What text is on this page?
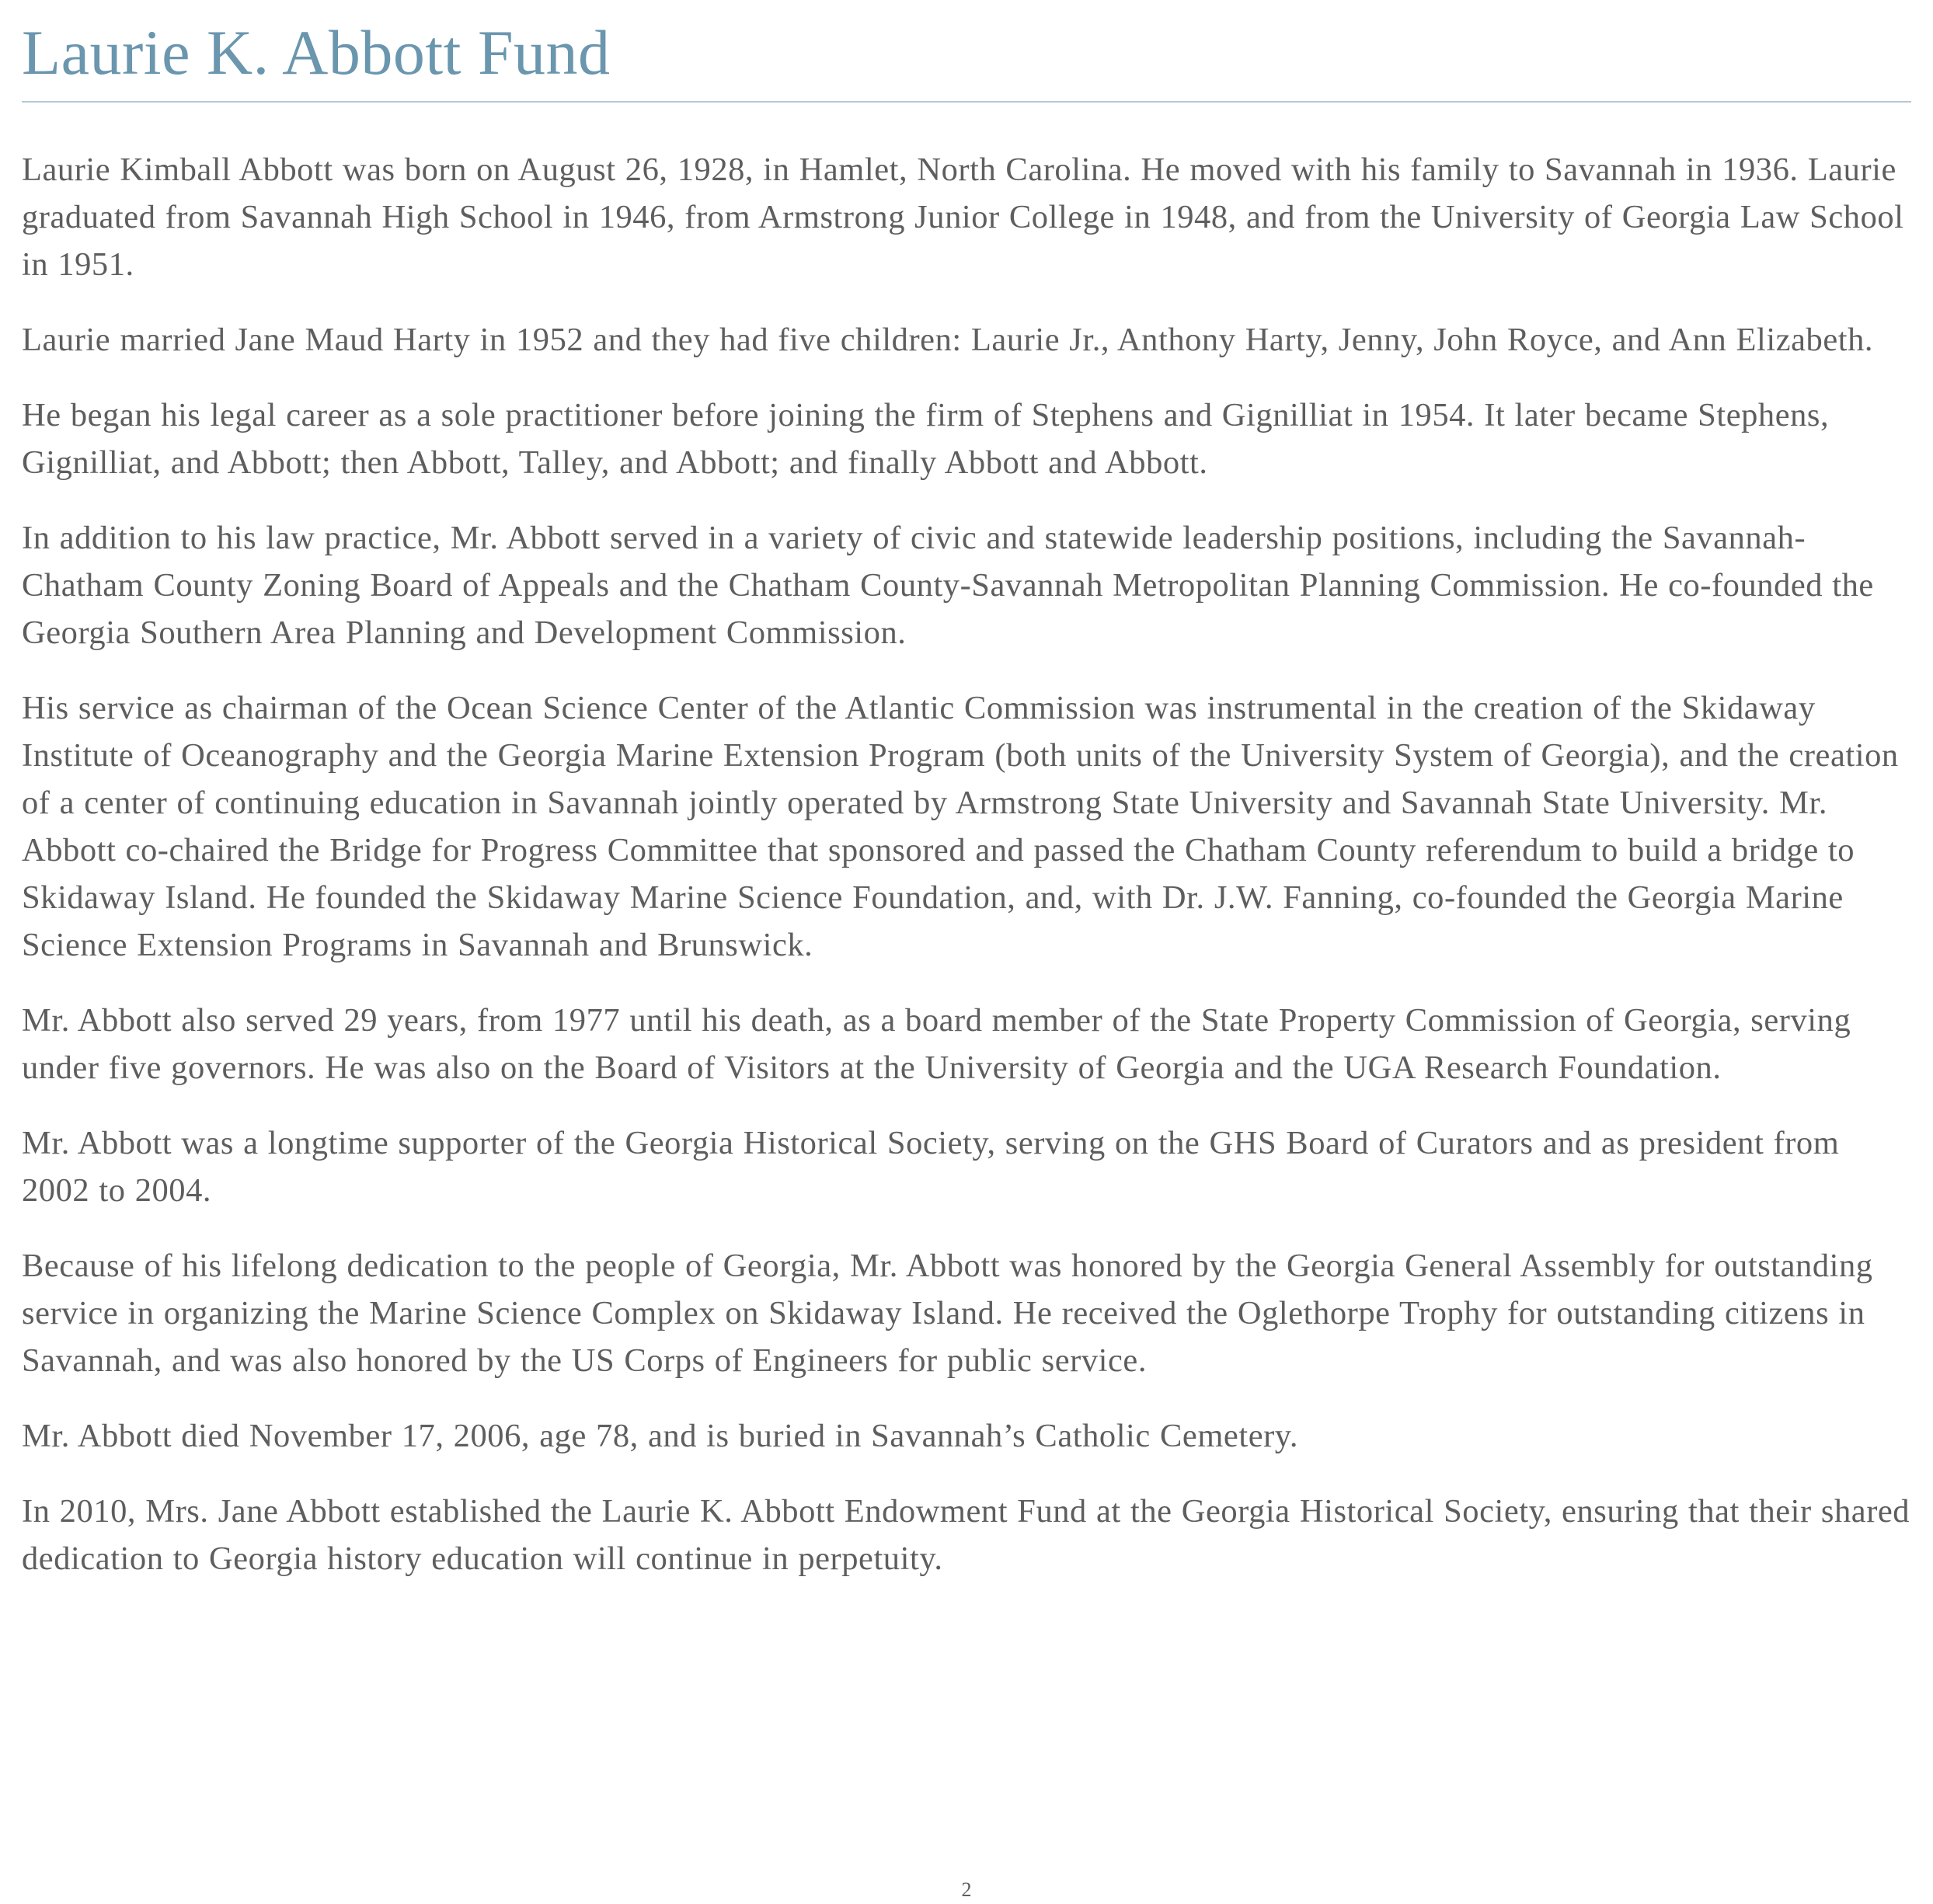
Laurie K. Abbott Fund

Laurie Kimball Abbott was born on August 26, 1928, in Hamlet, North Carolina. He moved with his family to Savannah in 1936. Laurie graduated from Savannah High School in 1946, from Armstrong Junior College in 1948, and from the University of Georgia Law School in 1951.

Laurie married Jane Maud Harty in 1952 and they had five children: Laurie Jr., Anthony Harty, Jenny, John Royce, and Ann Elizabeth.

He began his legal career as a sole practitioner before joining the firm of Stephens and Gignilliat in 1954. It later became Stephens, Gignilliat, and Abbott; then Abbott, Talley, and Abbott; and finally Abbott and Abbott.

In addition to his law practice, Mr. Abbott served in a variety of civic and statewide leadership positions, including the Savannah-Chatham County Zoning Board of Appeals and the Chatham County-Savannah Metropolitan Planning Commission. He co-founded the Georgia Southern Area Planning and Development Commission.

His service as chairman of the Ocean Science Center of the Atlantic Commission was instrumental in the creation of the Skidaway Institute of Oceanography and the Georgia Marine Extension Program (both units of the University System of Georgia), and the creation of a center of continuing education in Savannah jointly operated by Armstrong State University and Savannah State University. Mr. Abbott co-chaired the Bridge for Progress Committee that sponsored and passed the Chatham County referendum to build a bridge to Skidaway Island. He founded the Skidaway Marine Science Foundation, and, with Dr. J.W. Fanning, co-founded the Georgia Marine Science Extension Programs in Savannah and Brunswick.

Mr. Abbott also served 29 years, from 1977 until his death, as a board member of the State Property Commission of Georgia, serving under five governors. He was also on the Board of Visitors at the University of Georgia and the UGA Research Foundation.

Mr. Abbott was a longtime supporter of the Georgia Historical Society, serving on the GHS Board of Curators and as president from 2002 to 2004.

Because of his lifelong dedication to the people of Georgia, Mr. Abbott was honored by the Georgia General Assembly for outstanding service in organizing the Marine Science Complex on Skidaway Island. He received the Oglethorpe Trophy for outstanding citizens in Savannah, and was also honored by the US Corps of Engineers for public service.

Mr. Abbott died November 17, 2006, age 78, and is buried in Savannah’s Catholic Cemetery.

In 2010, Mrs. Jane Abbott established the Laurie K. Abbott Endowment Fund at the Georgia Historical Society, ensuring that their shared dedication to Georgia history education will continue in perpetuity.

2
